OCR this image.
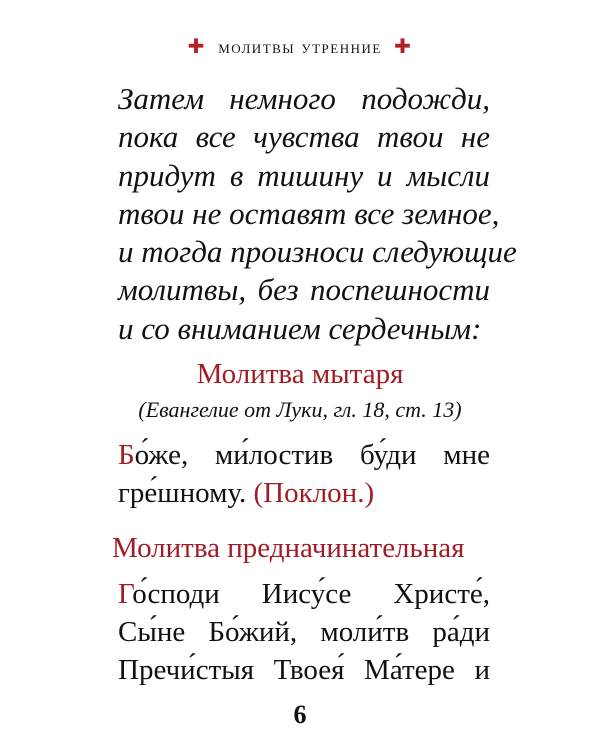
✚ молитвы утренние ✚
Затем немного подожди,
пока все чувства твои не
придут в тишину и мысли
твои не оставят все земное,
и тогда произноси следующие
молитвы, без поспешности
и со вниманием сердечным:
Молитва мытаря
(Евангелие от Луки, гл. 18, ст. 13)
Бо́же, ми́лостив бу́ди мне
гре́шному. (Поклон.)
Молитва предначинательная
Го́споди Иису́се Христе́,
Сы́не Бо́жий, моли́тв ра́ди
Пречи́стыя Твоея́ Ма́тере и
6
